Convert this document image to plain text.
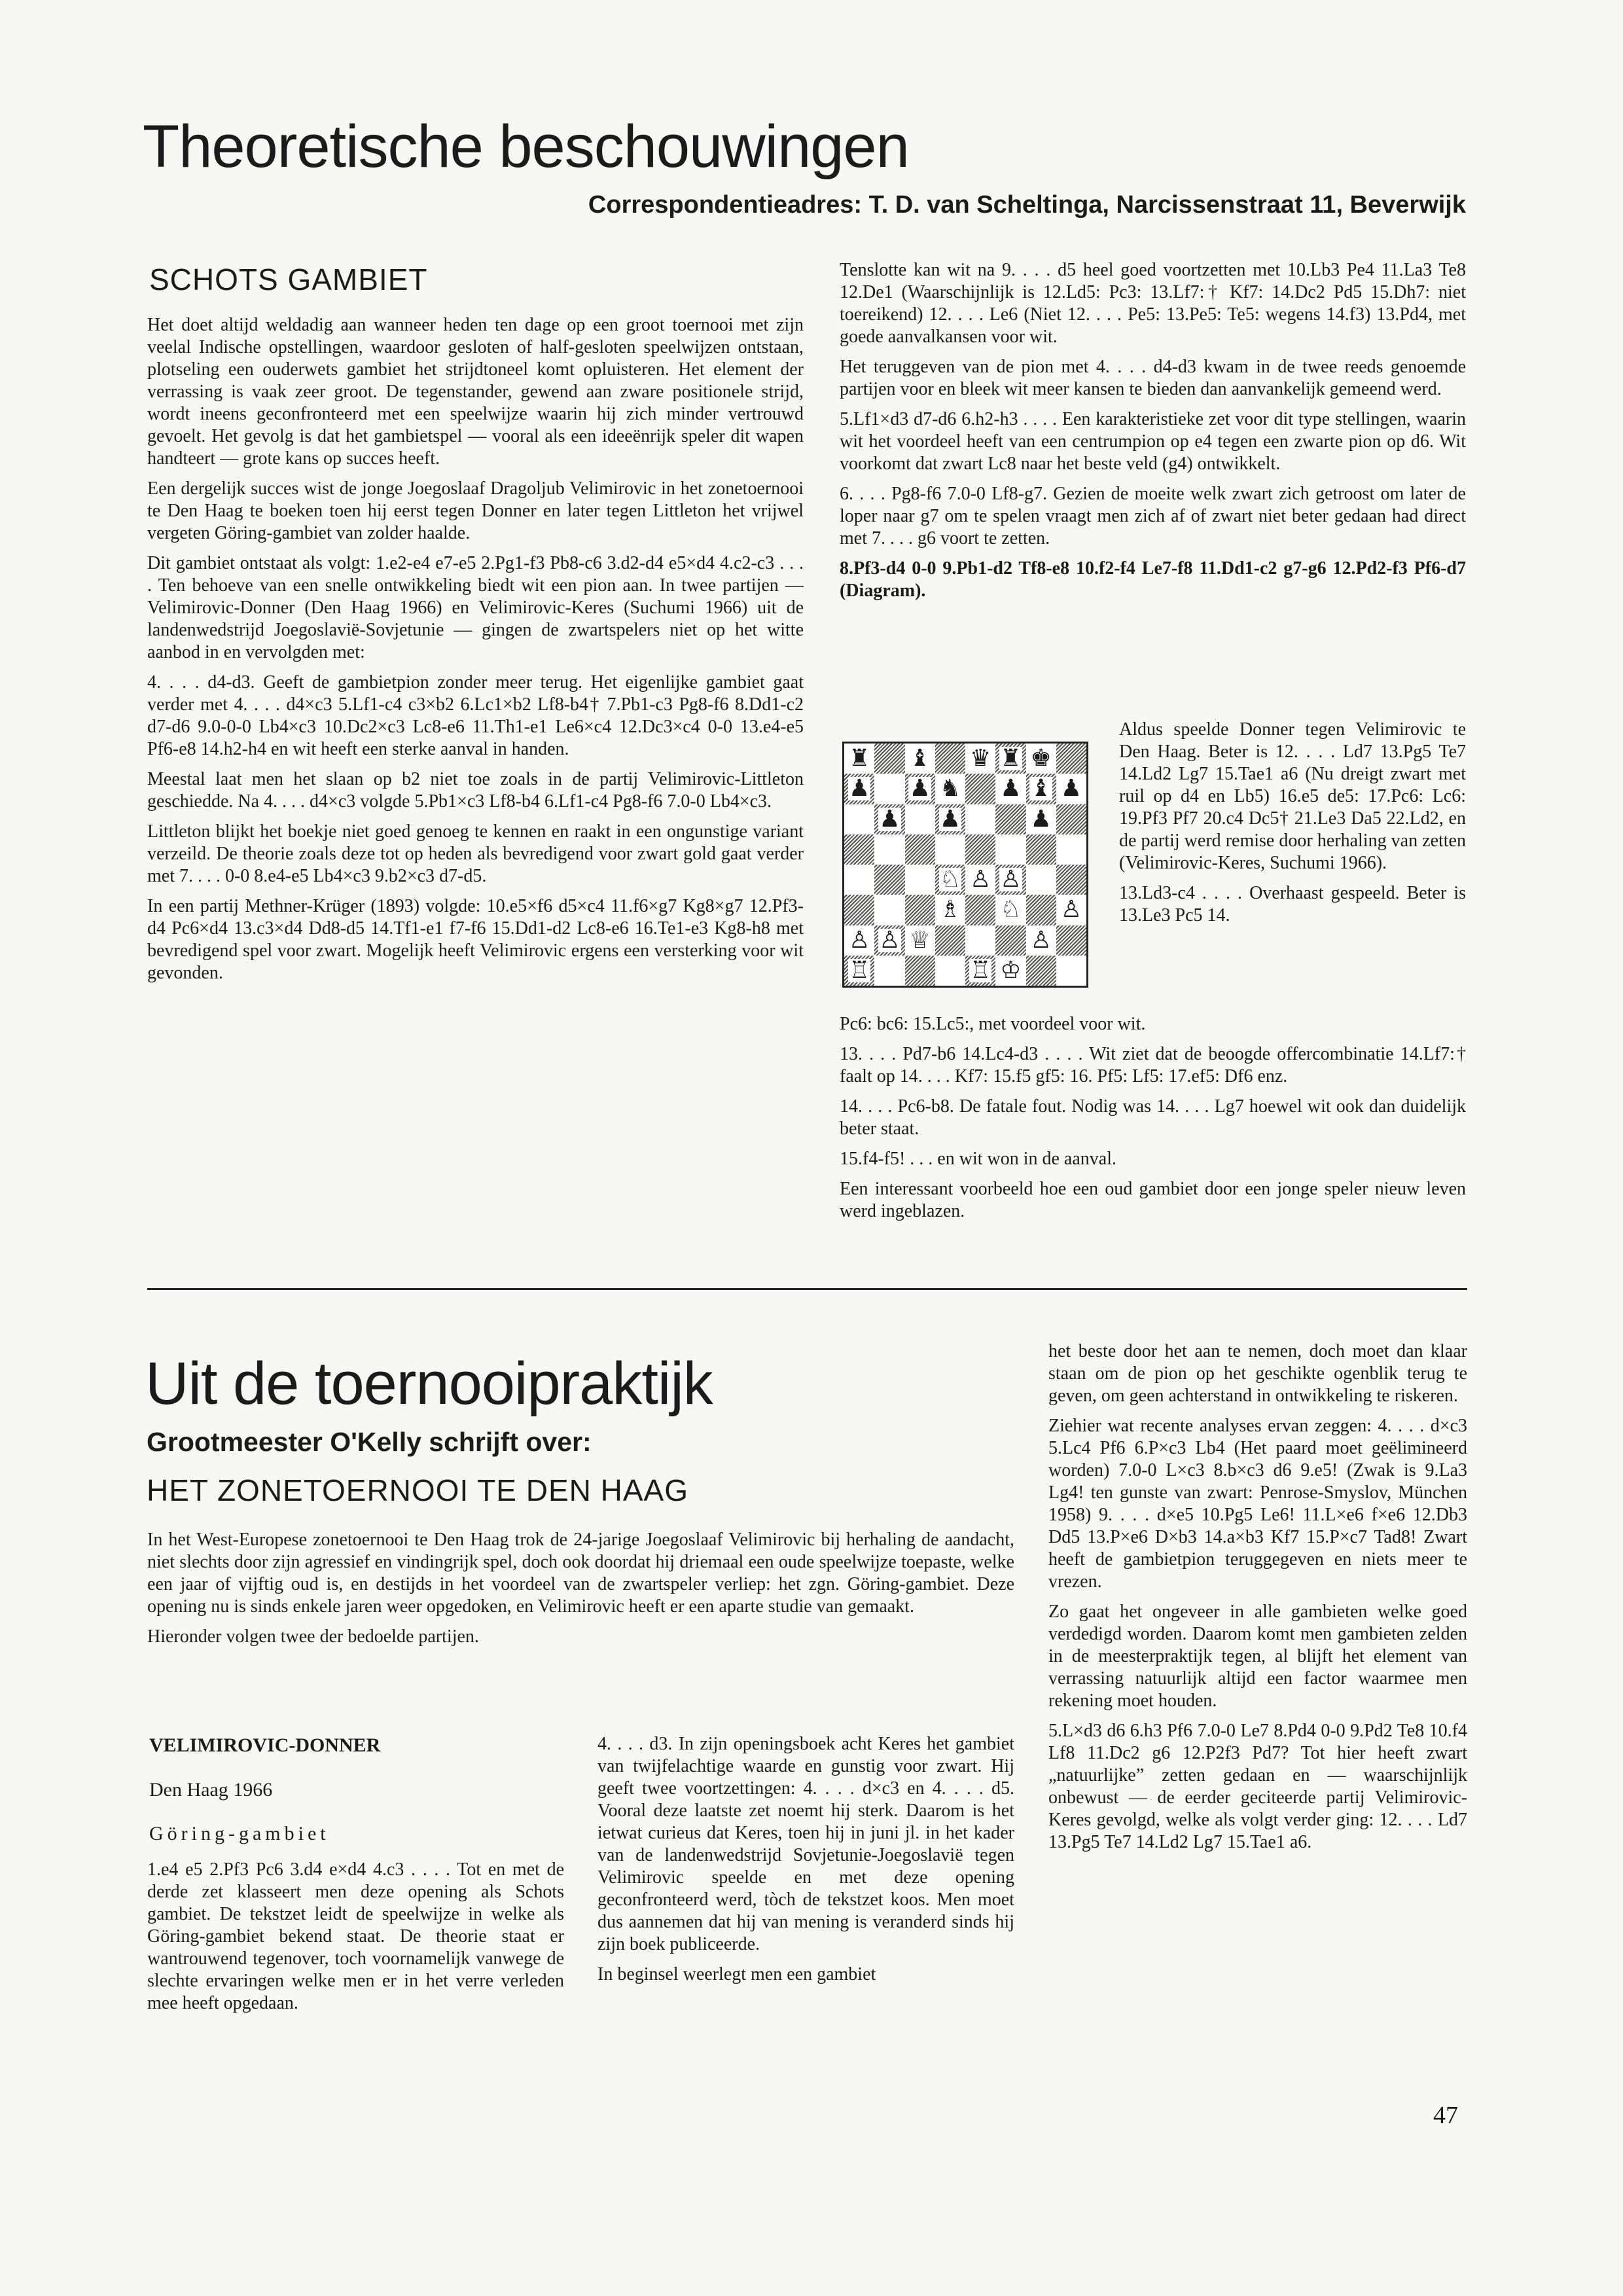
Theoretische beschouwingen
Correspondentieadres: T. D. van Scheltinga, Narcissenstraat 11, Beverwijk
SCHOTS GAMBIET

Het doet altijd weldadig aan wanneer heden ten dage op een groot toernooi met zijn veelal Indische opstellingen, waardoor gesloten of half-gesloten speelwijzen ontstaan, plotseling een ouderwets gambiet het strijdtoneel komt opluisteren. Het element der verrassing is vaak zeer groot. De tegenstander, gewend aan zware positionele strijd, wordt ineens geconfronteerd met een speelwijze waarin hij zich minder vertrouwd gevoelt. Het gevolg is dat het gambietspel — vooral als een ideeënrijk speler dit wapen handteert — grote kans op succes heeft.

Een dergelijk succes wist de jonge Joegoslaaf Dragoljub Velimirovic in het zonetoernooi te Den Haag te boeken toen hij eerst tegen Donner en later tegen Littleton het vrijwel vergeten Göring-gambiet van zolder haalde.

Dit gambiet ontstaat als volgt: 1.e2-e4 e7-e5 2.Pg1-f3 Pb8-c6 3.d2-d4 e5×d4 4.c2-c3 . . . . Ten behoeve van een snelle ontwikkeling biedt wit een pion aan. In twee partijen — Velimirovic-Donner (Den Haag 1966) en Velimirovic-Keres (Suchumi 1966) uit de landenwedstrijd Joegoslavië-Sovjetunie — gingen de zwartspelers niet op het witte aanbod in en vervolgden met:

4. . . . d4-d3. Geeft de gambietpion zonder meer terug. Het eigenlijke gambiet gaat verder met 4. . . . d4×c3 5.Lf1-c4 c3×b2 6.Lc1×b2 Lf8-b4† 7.Pb1-c3 Pg8-f6 8.Dd1-c2 d7-d6 9.0-0-0 Lb4×c3 10.Dc2×c3 Lc8-e6 11.Th1-e1 Le6×c4 12.Dc3×c4 0-0 13.e4-e5 Pf6-e8 14.h2-h4 en wit heeft een sterke aanval in handen.

Meestal laat men het slaan op b2 niet toe zoals in de partij Velimirovic-Littleton geschiedde. Na 4. . . . d4×c3 volgde 5.Pb1×c3 Lf8-b4 6.Lf1-c4 Pg8-f6 7.0-0 Lb4×c3.

Littleton blijkt het boekje niet goed genoeg te kennen en raakt in een ongunstige variant verzeild. De theorie zoals deze tot op heden als bevredigend voor zwart gold gaat verder met 7. . . . 0-0 8.e4-e5 Lb4×c3 9.b2×c3 d7-d5.

In een partij Methner-Krüger (1893) volgde: 10.e5×f6 d5×c4 11.f6×g7 Kg8×g7 12.Pf3-d4 Pc6×d4 13.c3×d4 Dd8-d5 14.Tf1-e1 f7-f6 15.Dd1-d2 Lc8-e6 16.Te1-e3 Kg8-h8 met bevredigend spel voor zwart. Mogelijk heeft Velimirovic ergens een versterking voor wit gevonden.

Tenslotte kan wit na 9. . . . d5 heel goed voortzetten met 10.Lb3 Pe4 11.La3 Te8 12.De1 (Waarschijnlijk is 12.Ld5: Pc3: 13.Lf7:† Kf7: 14.Dc2 Pd5 15.Dh7: niet toereikend) 12. . . . Le6 (Niet 12. . . . Pe5: 13.Pe5: Te5: wegens 14.f3) 13.Pd4, met goede aanvalkansen voor wit.

Het teruggeven van de pion met 4. . . . d4-d3 kwam in de twee reeds genoemde partijen voor en bleek wit meer kansen te bieden dan aanvankelijk gemeend werd.

5.Lf1×d3 d7-d6 6.h2-h3 . . . . Een karakteristieke zet voor dit type stellingen, waarin wit het voordeel heeft van een centrumpion op e4 tegen een zwarte pion op d6. Wit voorkomt dat zwart Lc8 naar het beste veld (g4) ontwikkelt.

6. . . . Pg8-f6 7.0-0 Lf8-g7. Gezien de moeite welk zwart zich getroost om later de loper naar g7 om te spelen vraagt men zich af of zwart niet beter gedaan had direct met 7. . . . g6 voort te zetten.

8.Pf3-d4 0-0 9.Pb1-d2 Tf8-e8 10.f2-f4 Le7-f8 11.Dd1-c2 g7-g6 12.Pd2-f3 Pf6-d7 (Diagram).

♜ ♝ ♛ ♜ ♚
♟ ♟ ♞ ♟ ♝ ♟
♟ ♟	♟
♘ ♙ ♙
♗ ♘ ♙
♙ ♙ ♕	♙
♖	♖ ♔

Aldus speelde Donner tegen Velimirovic te Den Haag. Beter is 12. . . . Ld7 13.Pg5 Te7 14.Ld2 Lg7 15.Tae1 a6 (Nu dreigt zwart met ruil op d4 en Lb5) 16.e5 de5: 17.Pc6: Lc6: 19.Pf3 Pf7 20.c4 Dc5† 21.Le3 Da5 22.Ld2, en de partij werd remise door herhaling van zetten (Velimirovic-Keres, Suchumi 1966).

13.Ld3-c4 . . . . Overhaast gespeeld. Beter is 13.Le3 Pc5 14.

Pc6: bc6: 15.Lc5:, met voordeel voor wit.

13. . . . Pd7-b6 14.Lc4-d3 . . . . Wit ziet dat de beoogde offercombinatie 14.Lf7:† faalt op 14. . . . Kf7: 15.f5 gf5: 16. Pf5: Lf5: 17.ef5: Df6 enz.

14. . . . Pc6-b8. De fatale fout. Nodig was 14. . . . Lg7 hoewel wit ook dan duidelijk beter staat.

15.f4-f5! . . . en wit won in de aanval.

Een interessant voorbeeld hoe een oud gambiet door een jonge speler nieuw leven werd ingeblazen.

Uit de toernooipraktijk
Grootmeester O'Kelly schrijft over:
HET ZONETOERNOOI TE DEN HAAG

In het West-Europese zonetoernooi te Den Haag trok de 24-jarige Joegoslaaf Velimirovic bij herhaling de aandacht, niet slechts door zijn agressief en vindingrijk spel, doch ook doordat hij driemaal een oude speelwijze toepaste, welke een jaar of vijftig oud is, en destijds in het voordeel van de zwartspeler verliep: het zgn. Göring-gambiet. Deze opening nu is sinds enkele jaren weer opgedoken, en Velimirovic heeft er een aparte studie van gemaakt.

Hieronder volgen twee der bedoelde partijen.

VELIMIROVIC-DONNER
Den Haag 1966
Göring-gambiet

1.e4 e5 2.Pf3 Pc6 3.d4 e×d4 4.c3 . . . . Tot en met de derde zet klasseert men deze opening als Schots gambiet. De tekstzet leidt de speelwijze in welke als Göring-gambiet bekend staat. De theorie staat er wantrouwend tegenover, toch voornamelijk vanwege de slechte ervaringen welke men er in het verre verleden mee heeft opgedaan.

4. . . . d3. In zijn openingsboek acht Keres het gambiet van twijfelachtige waarde en gunstig voor zwart. Hij geeft twee voortzettingen: 4. . . . d×c3 en 4. . . . d5. Vooral deze laatste zet noemt hij sterk. Daarom is het ietwat curieus dat Keres, toen hij in juni jl. in het kader van de landenwedstrijd Sovjetunie-Joegoslavië tegen Velimirovic speelde en met deze opening geconfronteerd werd, tòch de tekstzet koos. Men moet dus aannemen dat hij van mening is veranderd sinds hij zijn boek publiceerde.

In beginsel weerlegt men een gambiet

het beste door het aan te nemen, doch moet dan klaar staan om de pion op het geschikte ogenblik terug te geven, om geen achterstand in ontwikkeling te riskeren.

Ziehier wat recente analyses ervan zeggen: 4. . . . d×c3 5.Lc4 Pf6 6.P×c3 Lb4 (Het paard moet geëlimineerd worden) 7.0-0 L×c3 8.b×c3 d6 9.e5! (Zwak is 9.La3 Lg4! ten gunste van zwart: Penrose-Smyslov, München 1958) 9. . . . d×e5 10.Pg5 Le6! 11.L×e6 f×e6 12.Db3 Dd5 13.P×e6 D×b3 14.a×b3 Kf7 15.P×c7 Tad8! Zwart heeft de gambietpion teruggegeven en niets meer te vrezen.

Zo gaat het ongeveer in alle gambieten welke goed verdedigd worden. Daarom komt men gambieten zelden in de meesterpraktijk tegen, al blijft het element van verrassing natuurlijk altijd een factor waarmee men rekening moet houden.

5.L×d3 d6 6.h3 Pf6 7.0-0 Le7 8.Pd4 0-0 9.Pd2 Te8 10.f4 Lf8 11.Dc2 g6 12.P2f3 Pd7? Tot hier heeft zwart „natuurlijke” zetten gedaan en — waarschijnlijk onbewust — de eerder geciteerde partij Velimirovic-Keres gevolgd, welke als volgt verder ging: 12. . . . Ld7 13.Pg5 Te7 14.Ld2 Lg7 15.Tae1 a6.

47
